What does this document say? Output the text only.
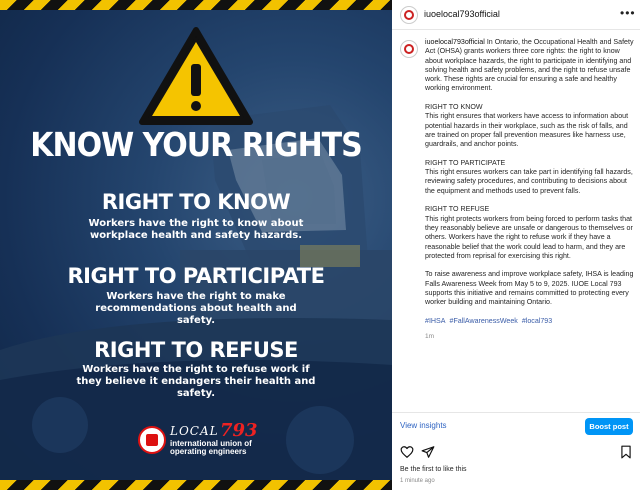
KNOW YOUR RIGHTS
RIGHT TO KNOW
Workers have the right to know about workplace health and safety hazards.
RIGHT TO PARTICIPATE
Workers have the right to make recommendations about health and safety.
RIGHT TO REFUSE
Workers have the right to refuse work if they believe it endangers their health and safety.
LOCAL 793
international union of
operating engineers
iuoelocal793official	•••

iuoelocal793official In Ontario, the Occupational Health and Safety Act (OHSA) grants workers three core rights: the right to know about workplace hazards, the right to participate in identifying and solving health and safety problems, and the right to refuse unsafe work. These rights are crucial for ensuring a safe and healthy working environment.

RIGHT TO KNOW
This right ensures that workers have access to information about potential hazards in their workplace, such as the risk of falls, and are trained on proper fall prevention measures like harness use, guardrails, and anchor points.

RIGHT TO PARTICIPATE
This right ensures workers can take part in identifying fall hazards, reviewing safety procedures, and contributing to decisions about the equipment and methods used to prevent falls.

RIGHT TO REFUSE
This right protects workers from being forced to perform tasks that they reasonably believe are unsafe or dangerous to themselves or others. Workers have the right to refuse work if they have a reasonable belief that the work could lead to harm, and they are protected from reprisal for exercising this right.

To raise awareness and improve workplace safety, IHSA is leading Falls Awareness Week from May 5 to 9, 2025. IUOE Local 793 supports this initiative and remains committed to protecting every worker building and maintaining Ontario.

#IHSA #FallAwarenessWeek #local793

1m
View insights	Boost post
Be the first to like this
1 minute ago
